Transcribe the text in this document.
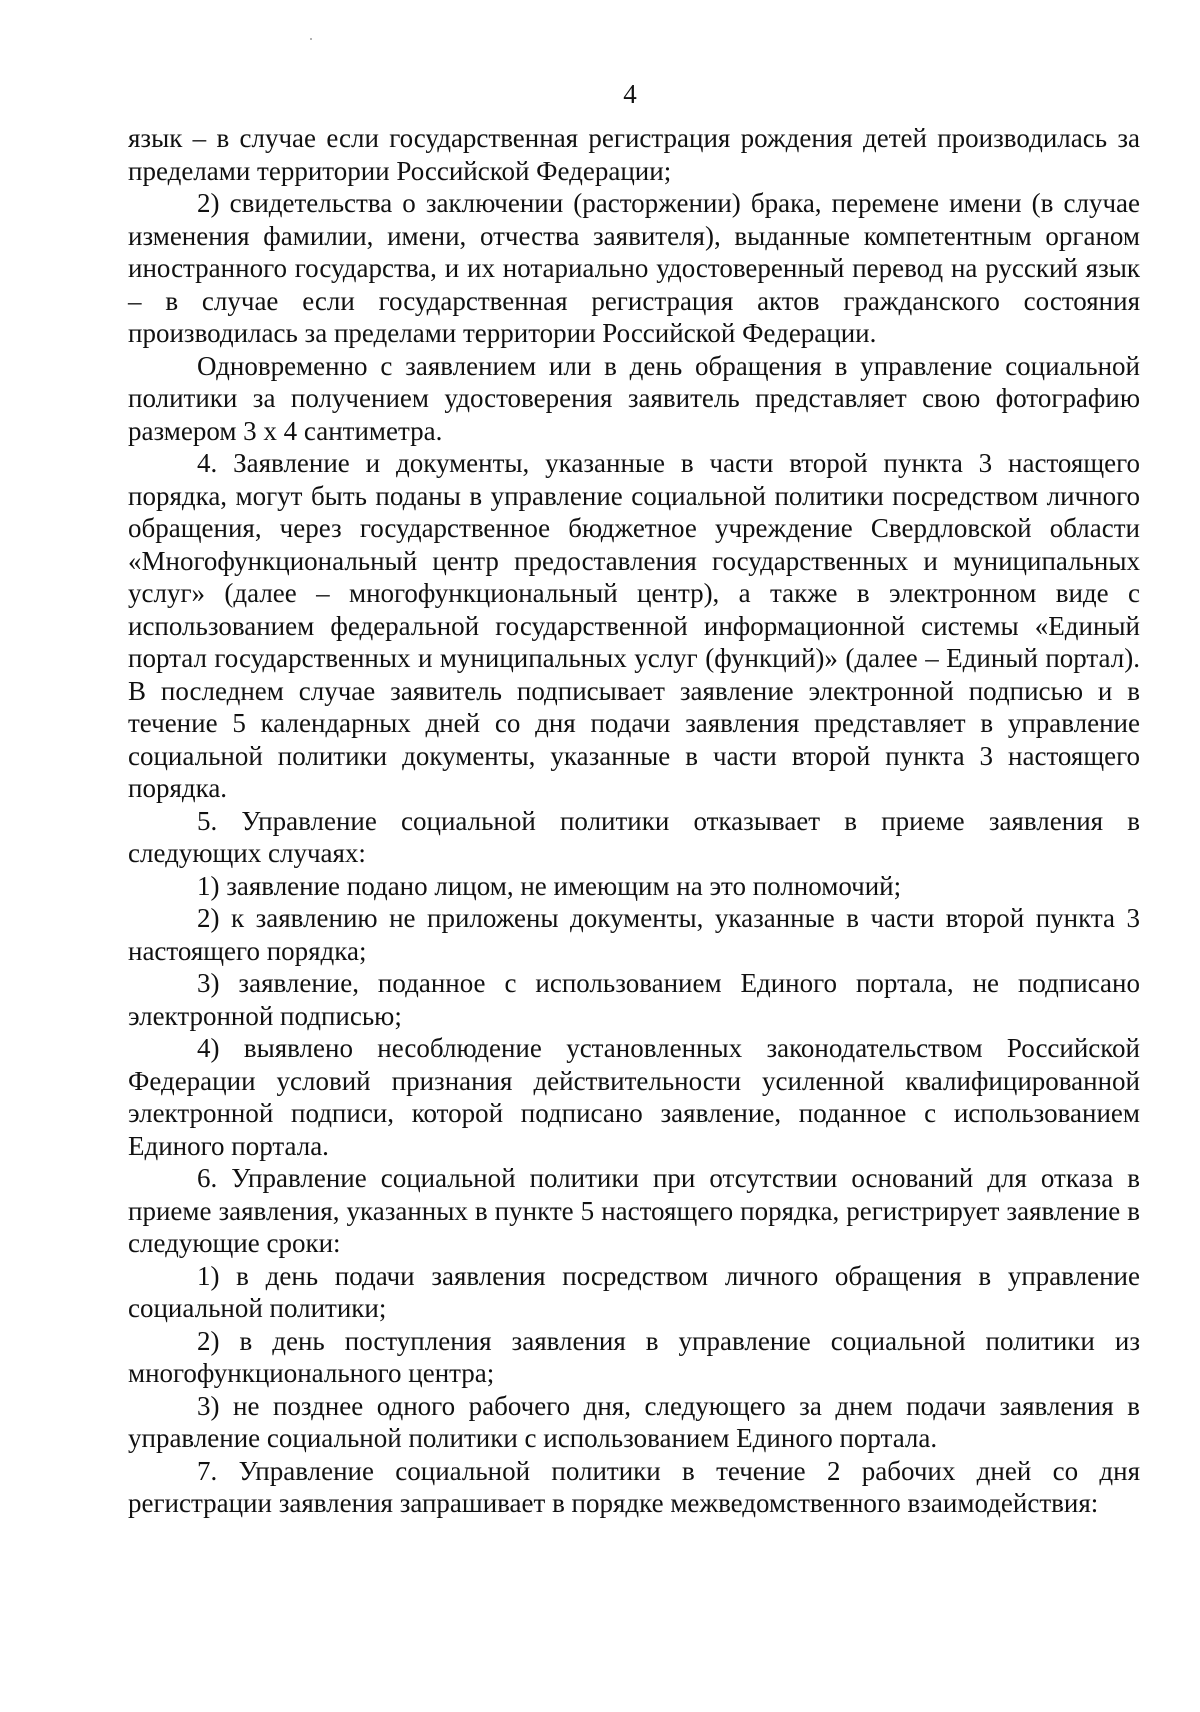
4

язык – в случае если государственная регистрация рождения детей производилась за пределами территории Российской Федерации;

2) свидетельства о заключении (расторжении) брака, перемене имени (в случае изменения фамилии, имени, отчества заявителя), выданные компетентным органом иностранного государства, и их нотариально удостоверенный перевод на русский язык – в случае если государственная регистрация актов гражданского состояния производилась за пределами территории Российской Федерации.

Одновременно с заявлением или в день обращения в управление социальной политики за получением удостоверения заявитель представляет свою фотографию размером 3 х 4 сантиметра.

4. Заявление и документы, указанные в части второй пункта 3 настоящего порядка, могут быть поданы в управление социальной политики посредством личного обращения, через государственное бюджетное учреждение Свердловской области «Многофункциональный центр предоставления государственных и муниципальных услуг» (далее – многофункциональный центр), а также в электронном виде с использованием федеральной государственной информационной системы «Единый портал государственных и муниципальных услуг (функций)» (далее – Единый портал). В последнем случае заявитель подписывает заявление электронной подписью и в течение 5 календарных дней со дня подачи заявления представляет в управление социальной политики документы, указанные в части второй пункта 3 настоящего порядка.

5. Управление социальной политики отказывает в приеме заявления в следующих случаях:

1) заявление подано лицом, не имеющим на это полномочий;

2) к заявлению не приложены документы, указанные в части второй пункта 3 настоящего порядка;

3) заявление, поданное с использованием Единого портала, не подписано электронной подписью;

4) выявлено несоблюдение установленных законодательством Российской Федерации условий признания действительности усиленной квалифицированной электронной подписи, которой подписано заявление, поданное с использованием Единого портала.

6. Управление социальной политики при отсутствии оснований для отказа в приеме заявления, указанных в пункте 5 настоящего порядка, регистрирует заявление в следующие сроки:

1) в день подачи заявления посредством личного обращения в управление социальной политики;

2) в день поступления заявления в управление социальной политики из многофункционального центра;

3) не позднее одного рабочего дня, следующего за днем подачи заявления в управление социальной политики с использованием Единого портала.

7. Управление социальной политики в течение 2 рабочих дней со дня регистрации заявления запрашивает в порядке межведомственного взаимодействия:
